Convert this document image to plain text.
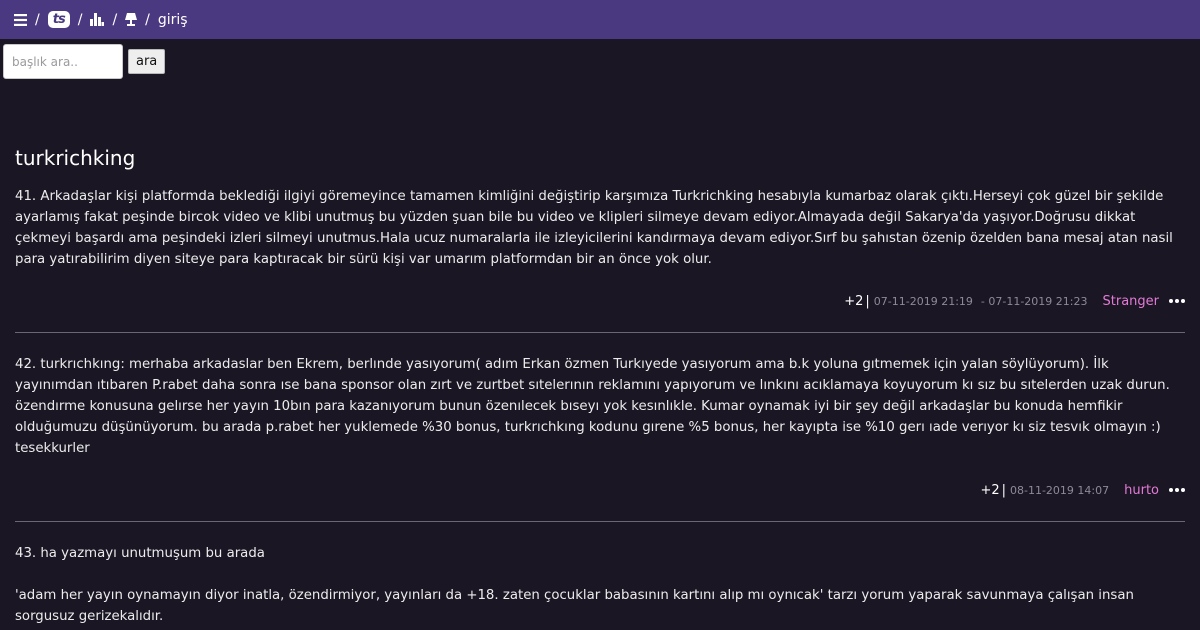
/	ts / / / giriş
başlık ara..
ara
turkrichking

41. Arkadaşlar kişi platformda beklediği ilgiyi göremeyince tamamen kimliğini değiştirip karşımıza Turkrichking hesabıyla kumarbaz olarak çıktı.Herseyi çok güzel bir şekilde ayarlamış fakat peşinde bircok video ve klibi unutmuş bu yüzden şuan bile bu video ve klipleri silmeye devam ediyor.Almayada değil Sakarya'da yaşıyor.Doğrusu dikkat çekmeyi başardı ama peşindeki izleri silmeyi unutmus.Hala ucuz numaralarla ile izleyicilerini kandırmaya devam ediyor.Sırf bu şahıstan özenip özelden bana mesaj atan nasil para yatırabilirim diyen siteye para kaptıracak bir sürü kişi var umarım platformdan bir an önce yok olur.

+2 | 07-11-2019 21:19 - 07-11-2019 21:23 Stranger

42. turkrıchkıng: merhaba arkadaslar ben Ekrem, berlınde yasıyorum( adım Erkan özmen Turkıyede yasıyorum ama b.k yoluna gıtmemek için yalan söylüyorum). İlk yayınımdan ıtıbaren P.rabet daha sonra ıse bana sponsor olan zırt ve zurtbet sıtelerının reklamını yapıyorum ve lınkını acıklamaya koyuyorum kı sız bu sıtelerden uzak durun. özendırme konusuna gelırse her yayın 10bın para kazanıyorum bunun özenılecek bıseyı yok kesınlıkle. Kumar oynamak iyi bir şey değil arkadaşlar bu konuda hemfikir olduğumuzu düşünüyorum. bu arada p.rabet her yuklemede %30 bonus, turkrıchkıng kodunu gırene %5 bonus, her kayıpta ise %10 gerı ıade verıyor kı siz tesvık olmayın :) tesekkurler

+2 | 08-11-2019 14:07 hurto

43. ha yazmayı unutmuşum bu arada

'adam her yayın oynamayın diyor inatla, özendirmiyor, yayınları da +18. zaten çocuklar babasının kartını alıp mı oynıcak' tarzı yorum yaparak savunmaya çalışan insan sorgusuz gerizekalıdır.
